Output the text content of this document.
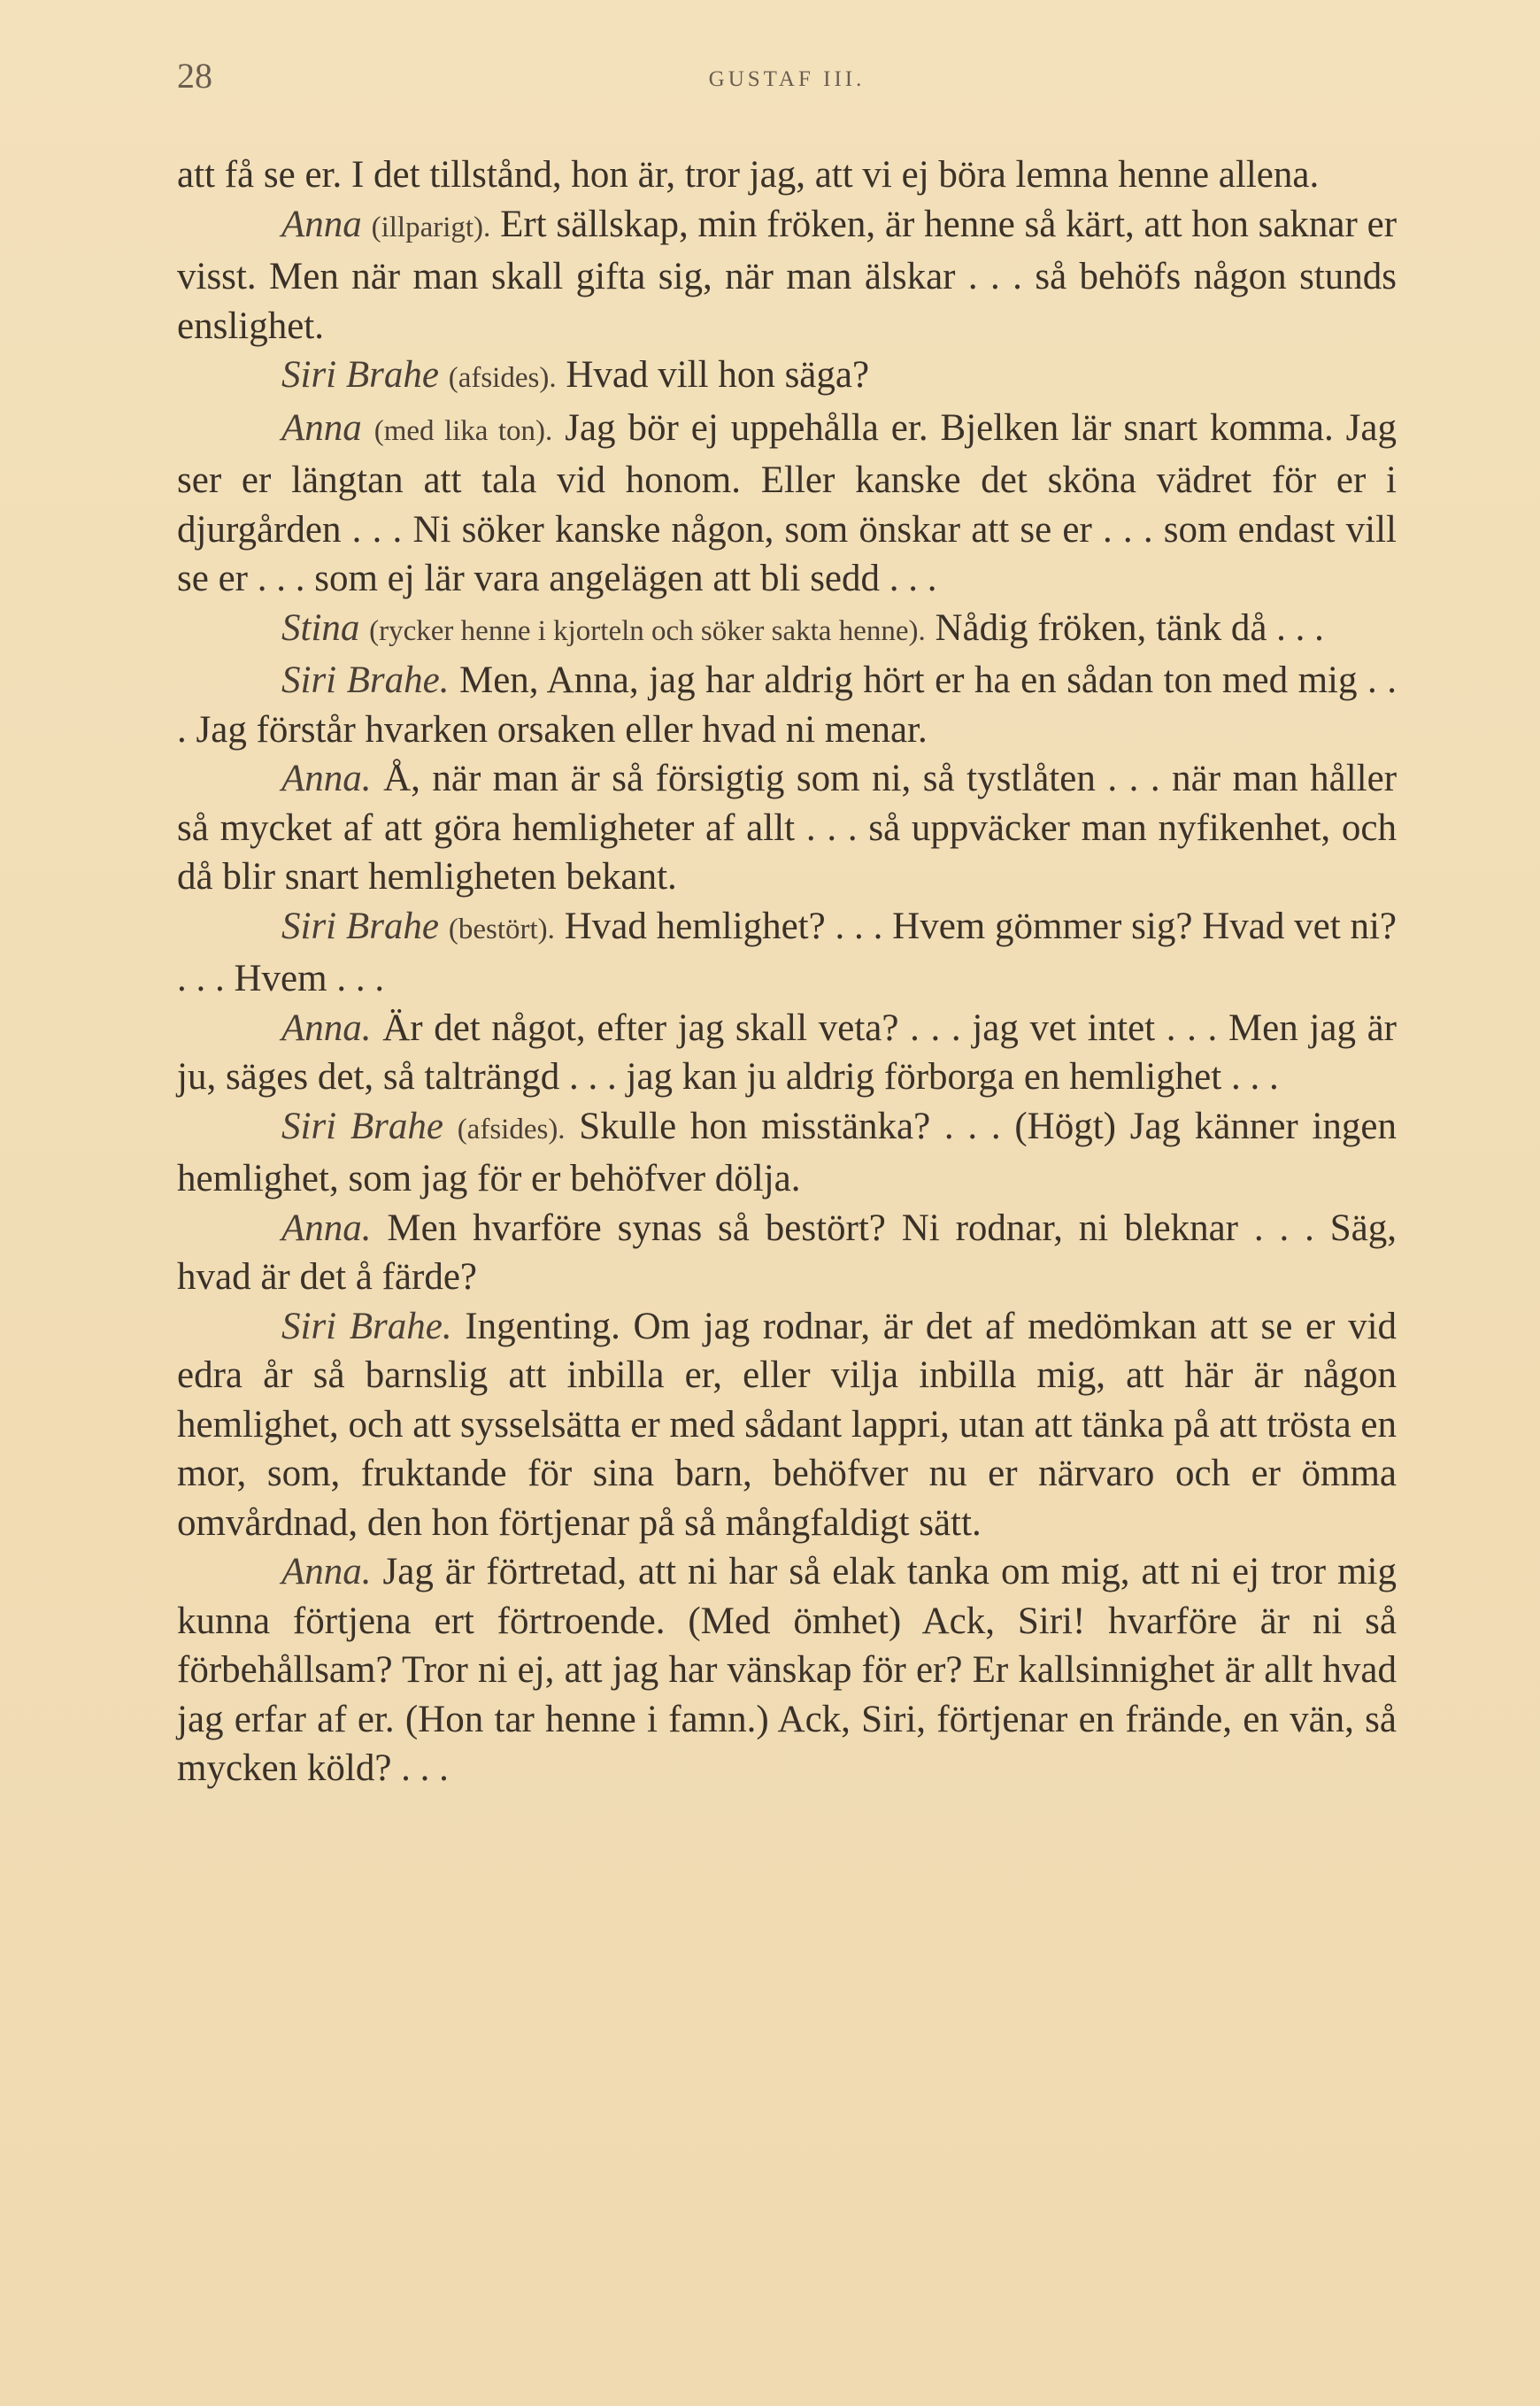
28	GUSTAF III.

att få se er. I det tillstånd, hon är, tror jag, att vi ej böra lemna henne allena.

Anna (illparigt). Ert sällskap, min fröken, är henne så kärt, att hon saknar er visst. Men när man skall gifta sig, när man älskar . . . så behöfs någon stunds enslighet.

Siri Brahe (afsides). Hvad vill hon säga?

Anna (med lika ton). Jag bör ej uppehålla er. Bjelken lär snart komma. Jag ser er längtan att tala vid honom. Eller kanske det sköna vädret för er i djurgården . . . Ni söker kanske någon, som önskar att se er . . . som endast vill se er . . . som ej lär vara angelägen att bli sedd . . .

Stina (rycker henne i kjorteln och söker sakta henne). Nådig fröken, tänk då . . .

Siri Brahe. Men, Anna, jag har aldrig hört er ha en sådan ton med mig . . . Jag förstår hvarken orsaken eller hvad ni menar.

Anna. Å, när man är så försigtig som ni, så tystlåten . . . när man håller så mycket af att göra hemligheter af allt . . . så uppväcker man nyfikenhet, och då blir snart hemligheten bekant.

Siri Brahe (bestört). Hvad hemlighet? . . . Hvem gömmer sig? Hvad vet ni? . . . Hvem . . .

Anna. Är det något, efter jag skall veta? . . . jag vet intet . . . Men jag är ju, säges det, så talträngd . . . jag kan ju aldrig förborga en hemlighet . . .

Siri Brahe (afsides). Skulle hon misstänka? . . . (Högt) Jag känner ingen hemlighet, som jag för er behöfver dölja.

Anna. Men hvarföre synas så bestört? Ni rodnar, ni bleknar . . . Säg, hvad är det å färde?

Siri Brahe. Ingenting. Om jag rodnar, är det af medömkan att se er vid edra år så barnslig att inbilla er, eller vilja inbilla mig, att här är någon hemlighet, och att sysselsätta er med sådant lappri, utan att tänka på att trösta en mor, som, fruktande för sina barn, behöfver nu er närvaro och er ömma omvårdnad, den hon förtjenar på så mångfaldigt sätt.

Anna. Jag är förtretad, att ni har så elak tanka om mig, att ni ej tror mig kunna förtjena ert förtroende. (Med ömhet) Ack, Siri! hvarföre är ni så förbehållsam? Tror ni ej, att jag har vänskap för er? Er kallsinnighet är allt hvad jag erfar af er. (Hon tar henne i famn.) Ack, Siri, förtjenar en frände, en vän, så mycken köld? . . .
